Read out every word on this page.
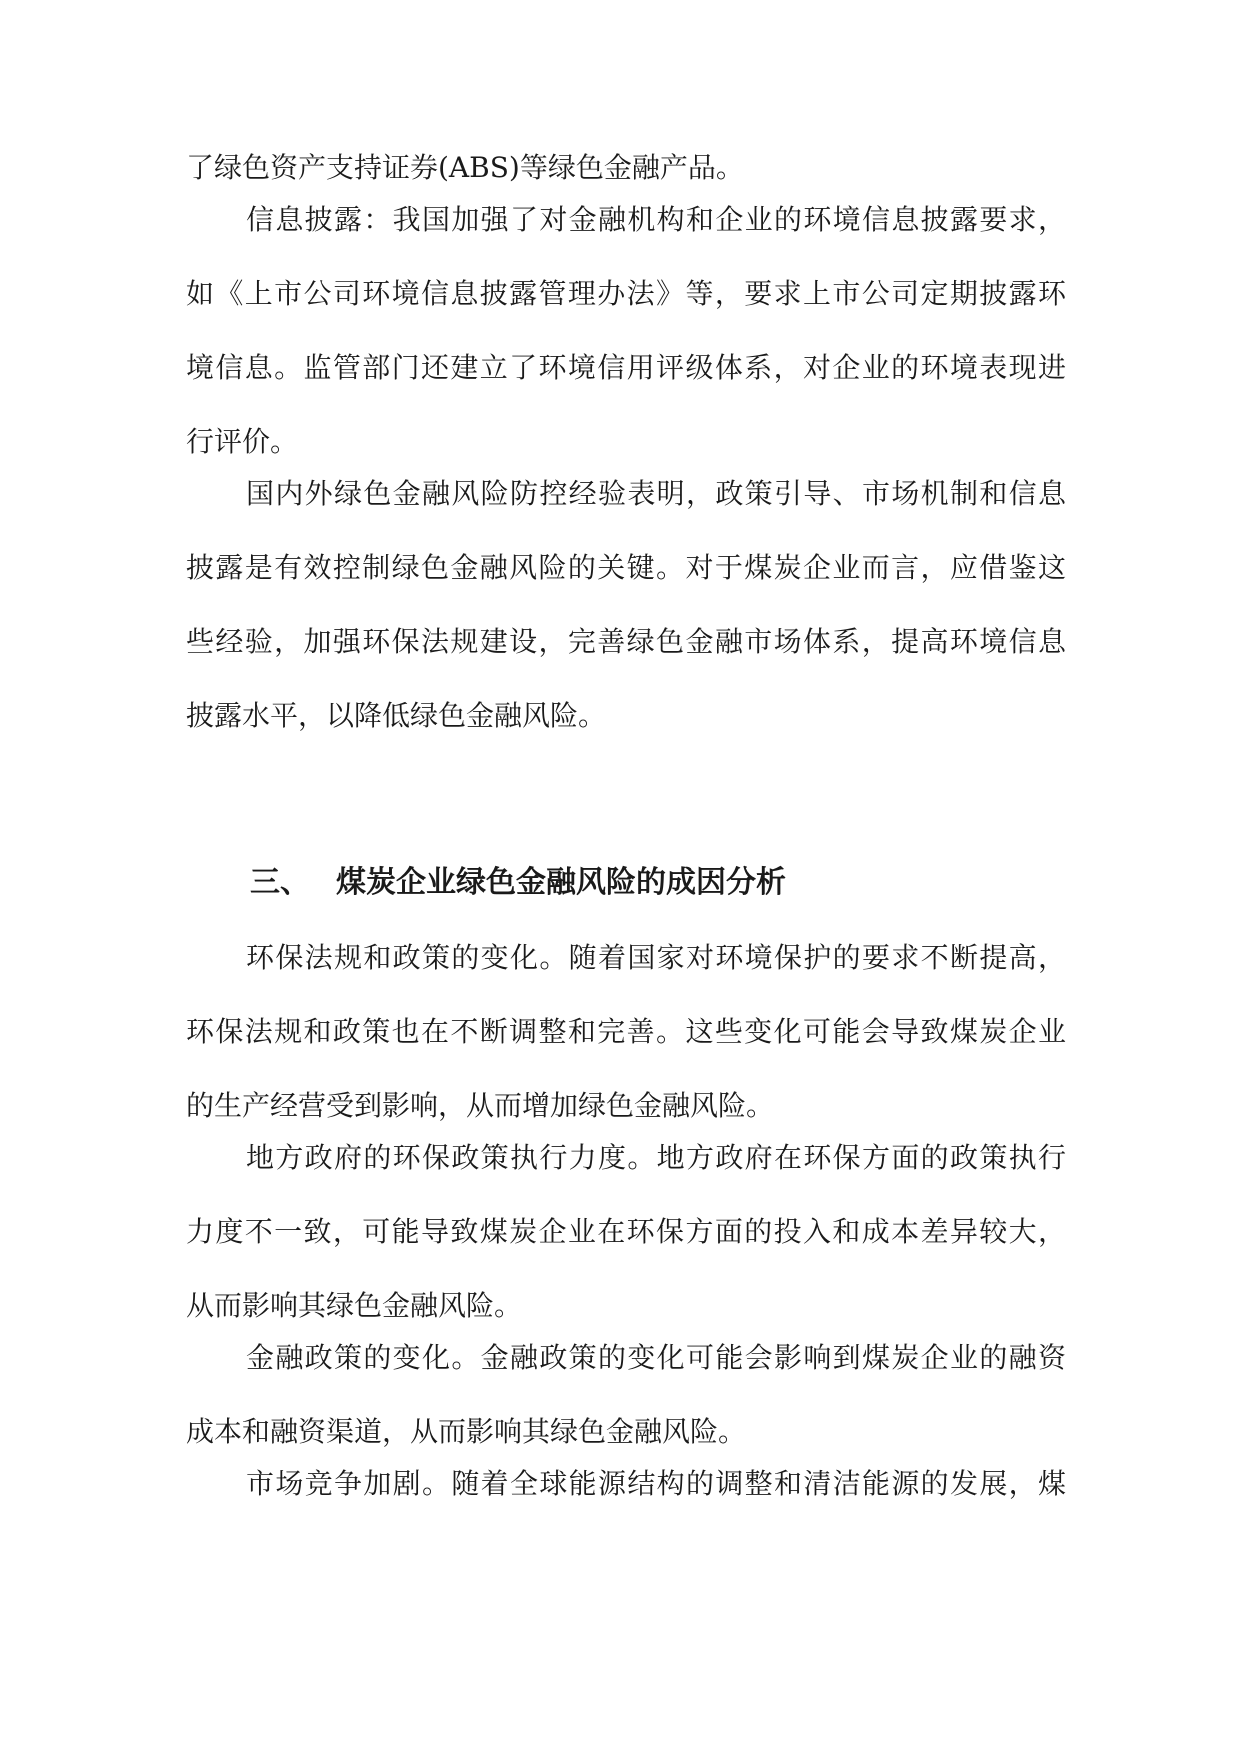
了绿色资产支持证券(ABS)等绿色金融产品。
信息披露：我国加强了对金融机构和企业的环境信息披露要求，
如《上市公司环境信息披露管理办法》等，要求上市公司定期披露环
境信息。监管部门还建立了环境信用评级体系，对企业的环境表现进
行评价。
国内外绿色金融风险防控经验表明，政策引导、市场机制和信息
披露是有效控制绿色金融风险的关键。对于煤炭企业而言，应借鉴这
些经验，加强环保法规建设，完善绿色金融市场体系，提高环境信息
披露水平，以降低绿色金融风险。
三、 煤炭企业绿色金融风险的成因分析
环保法规和政策的变化。随着国家对环境保护的要求不断提高，
环保法规和政策也在不断调整和完善。这些变化可能会导致煤炭企业
的生产经营受到影响，从而增加绿色金融风险。
地方政府的环保政策执行力度。地方政府在环保方面的政策执行
力度不一致，可能导致煤炭企业在环保方面的投入和成本差异较大，
从而影响其绿色金融风险。
金融政策的变化。金融政策的变化可能会影响到煤炭企业的融资
成本和融资渠道，从而影响其绿色金融风险。
市场竞争加剧。随着全球能源结构的调整和清洁能源的发展，煤
